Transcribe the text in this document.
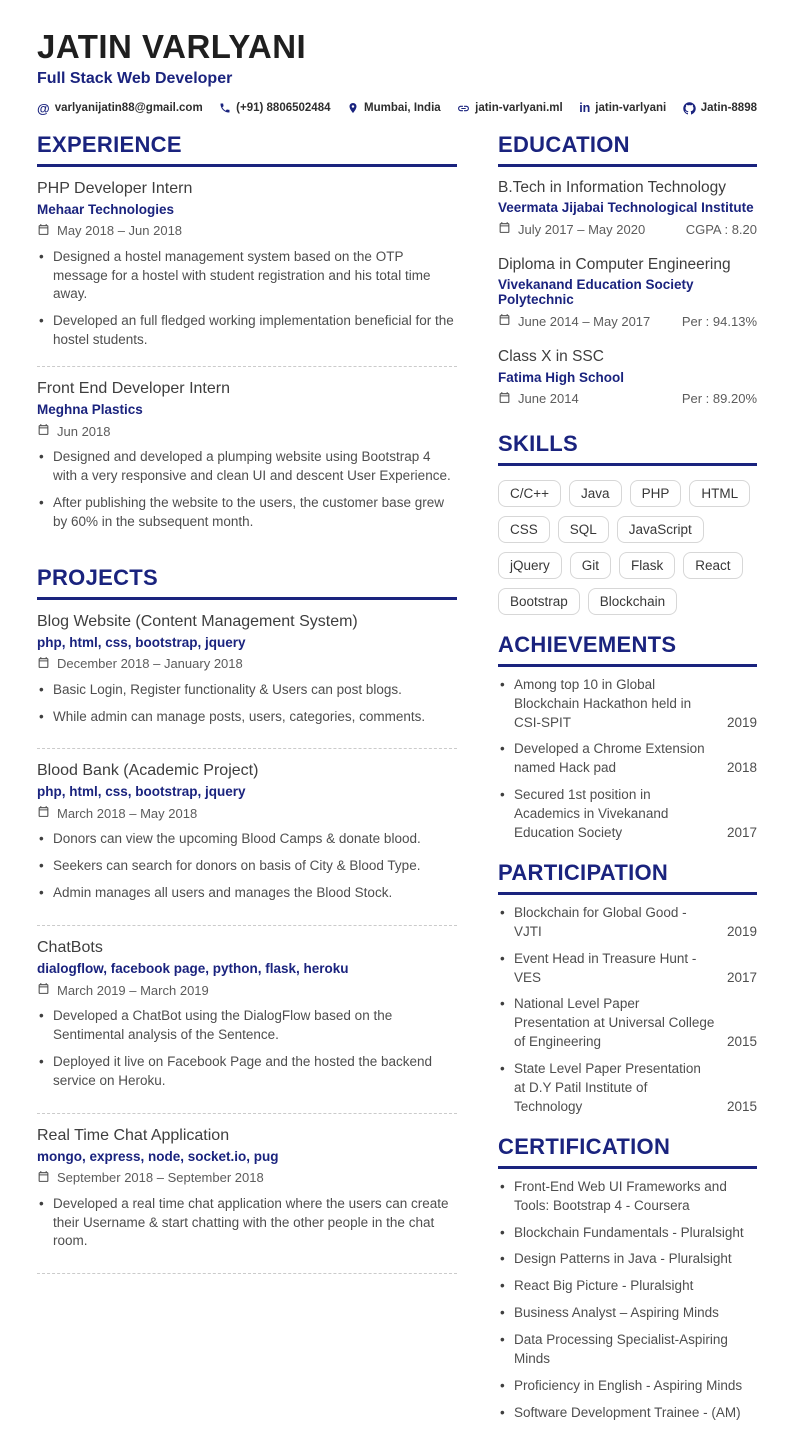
JATIN VARLYANI
Full Stack Web Developer
@ varlyanijatin88@gmail.com	(+91) 8806502484	Mumbai, India	jatin-varlyani.ml in jatin-varlyani	Jatin-8898
EXPERIENCE
PHP Developer Intern
Mehaar Technologies
May 2018 – Jun 2018
• Designed a hostel management system based on the OTP message for a hostel with student registration and his total time away.
• Developed an full fledged working implementation beneficial for the hostel students.
Front End Developer Intern
Meghna Plastics
Jun 2018
• Designed and developed a plumping website using Bootstrap 4 with a very responsive and clean UI and descent User Experience.
• After publishing the website to the users, the customer base grew by 60% in the subsequent month.
PROJECTS
Blog Website (Content Management System)
php, html, css, bootstrap, jquery
December 2018 – January 2018
• Basic Login, Register functionality & Users can post blogs.
• While admin can manage posts, users, categories, comments.
Blood Bank (Academic Project)
php, html, css, bootstrap, jquery
March 2018 – May 2018
• Donors can view the upcoming Blood Camps & donate blood.
• Seekers can search for donors on basis of City & Blood Type.
• Admin manages all users and manages the Blood Stock.
ChatBots
dialogflow, facebook page, python, flask, heroku
March 2019 – March 2019
• Developed a ChatBot using the DialogFlow based on the Sentimental analysis of the Sentence.
• Deployed it live on Facebook Page and the hosted the backend service on Heroku.
Real Time Chat Application
mongo, express, node, socket.io, pug
September 2018 – September 2018
• Developed a real time chat application where the users can create their Username & start chatting with the other people in the chat room.
EDUCATION
B.Tech in Information Technology
Veermata Jijabai Technological Institute
July 2017 – May 2020	CGPA : 8.20
Diploma in Computer Engineering
Vivekanand Education Society Polytechnic
June 2014 – May 2017 Per : 94.13%
Class X in SSC
Fatima High School
June 2014	Per : 89.20%
SKILLS
C/C++	Java	PHP	HTML
CSS	SQL	JavaScript
jQuery	Git	Flask	React
Bootstrap	Blockchain
ACHIEVEMENTS
• Among top 10 in Global Blockchain Hackathon held in CSI-SPIT	2019
• Developed a Chrome Extension named Hack pad	2018
• Secured 1st position in Academics in Vivekanand Education Society	2017
PARTICIPATION
• Blockchain for Global Good - VJTI	2019
• Event Head in Treasure Hunt - VES	2017
• National Level Paper Presentation at Universal College of Engineering	2015
• State Level Paper Presentation at D.Y Patil Institute of Technology	2015
CERTIFICATION
• Front-End Web UI Frameworks and Tools: Bootstrap 4 - Coursera
• Blockchain Fundamentals - Pluralsight
• Design Patterns in Java - Pluralsight
• React Big Picture - Pluralsight
• Business Analyst – Aspiring Minds
• Data Processing Specialist-Aspiring Minds
• Proficiency in English - Aspiring Minds
• Software Development Trainee - (AM)
